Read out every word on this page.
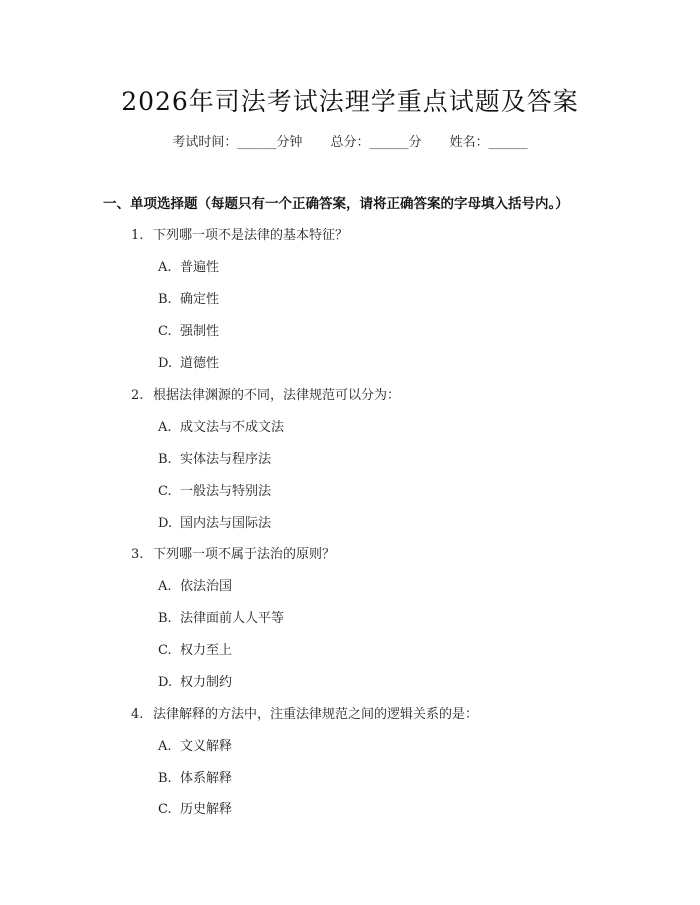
2026年司法考试法理学重点试题及答案
考试时间：______分钟 总分：______分 姓名：______
一、单项选择题（每题只有一个正确答案，请将正确答案的字母填入括号内。）
1. 下列哪一项不是法律的基本特征？
A. 普遍性
B. 确定性
C. 强制性
D. 道德性
2. 根据法律渊源的不同，法律规范可以分为：
A. 成文法与不成文法
B. 实体法与程序法
C. 一般法与特别法
D. 国内法与国际法
3. 下列哪一项不属于法治的原则？
A. 依法治国
B. 法律面前人人平等
C. 权力至上
D. 权力制约
4. 法律解释的方法中，注重法律规范之间的逻辑关系的是：
A. 文义解释
B. 体系解释
C. 历史解释
